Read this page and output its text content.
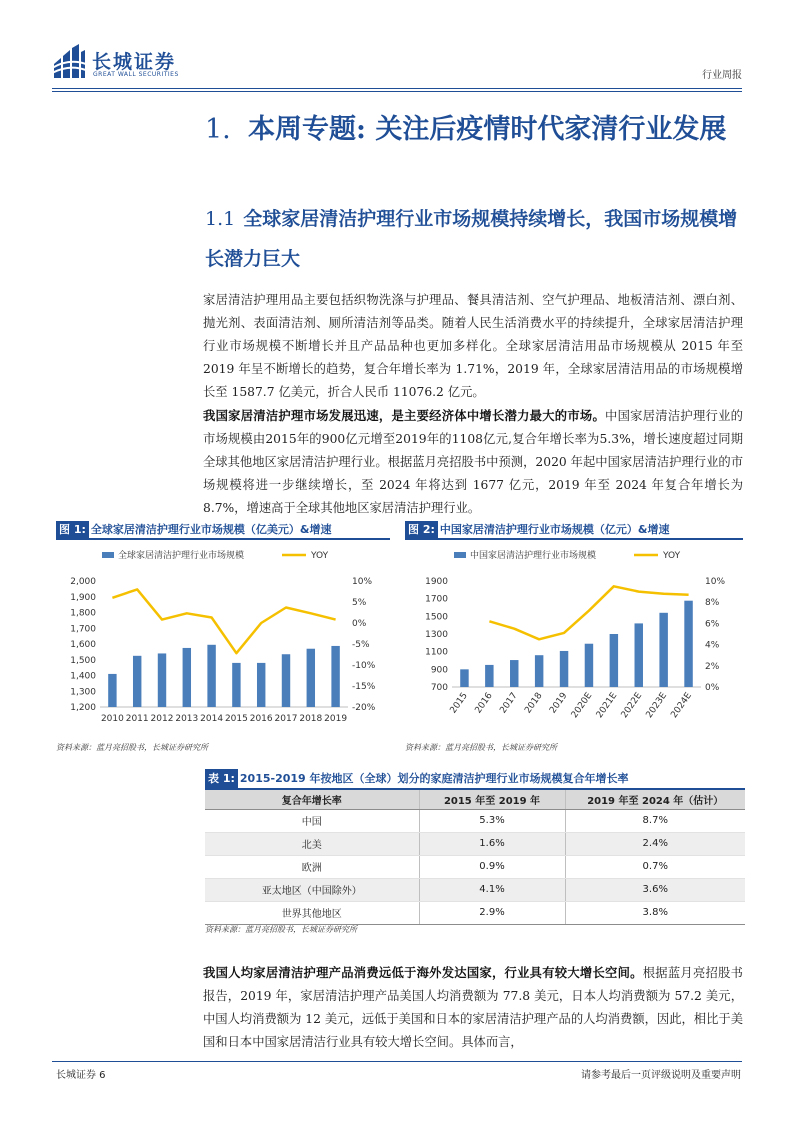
长城证券
GREAT WALL SECURITIES	行业周报
1. 本周专题: 关注后疫情时代家清行业发展
1.1 全球家居清洁护理行业市场规模持续增长，我国市场规模增长潜力巨大

家居清洁护理用品主要包括织物洗涤与护理品、餐具清洁剂、空气护理品、地板清洁剂、漂白剂、抛光剂、表面清洁剂、厕所清洁剂等品类。随着人民生活消费水平的持续提升，全球家居清洁护理行业市场规模不断增长并且产品品种也更加多样化。全球家居清洁用品市场规模从 2015 年至 2019 年呈不断增长的趋势，复合年增长率为 1.71%，2019 年，全球家居清洁用品的市场规模增长至 1587.7 亿美元，折合人民币 11076.2 亿元。

我国家居清洁护理市场发展迅速，是主要经济体中增长潜力最大的市场。中国家居清洁护理行业的市场规模由2015年的900亿元增至2019年的1108亿元,复合年增长率为5.3%，增长速度超过同期全球其他地区家居清洁护理行业。根据蓝月亮招股书中预测，2020 年起中国家居清洁护理行业的市场规模将进一步继续增长，至 2024 年将达到 1677 亿元，2019 年至 2024 年复合年增长为 8.7%，增速高于全球其他地区家居清洁护理行业。

图 1: 全球家居清洁护理行业市场规模（亿美元）&增速
全球家居清洁护理行业市场规模	YOY
1,200
1,300
1,400
1,500
1,600
1,700
1,800
1,900
2,000
-20%
-15%
-10%
-5%
0%
5%
10%
2010 2011 2012 2013 2014 2015 2016 2017 2018 2019
资料来源：蓝月亮招股书，长城证券研究所
图 2: 中国家居清洁护理行业市场规模（亿元）&增速
中国家居清洁护理行业市场规模	YOY
700
900
1100
1300
1500
1700
1900
0%
2%
4%
6%
8%
10%
2015 2016 2017 2018 2019 2020E 2021E 2022E 2023E 2024E
资料来源：蓝月亮招股书，长城证券研究所
表 1: 2015-2019 年按地区（全球）划分的家庭清洁护理行业市场规模复合年增长率
复合年增长率	2015 年至 2019 年	2019 年至 2024 年（估计）
中国	5.3%	8.7%
北美	1.6%	2.4%
欧洲	0.9%	0.7%
亚太地区（中国除外）	4.1%	3.6%
世界其他地区	2.9%	3.8%
资料来源：蓝月亮招股书，长城证券研究所

我国人均家居清洁护理产品消费远低于海外发达国家，行业具有较大增长空间。根据蓝月亮招股书报告，2019 年，家居清洁护理产品美国人均消费额为 77.8 美元，日本人均消费额为 57.2 美元，中国人均消费额为 12 美元，远低于美国和日本的家居清洁护理产品的人均消费额，因此，相比于美国和日本中国家居清洁行业具有较大增长空间。具体而言，

长城证券 6	请参考最后一页评级说明及重要声明
